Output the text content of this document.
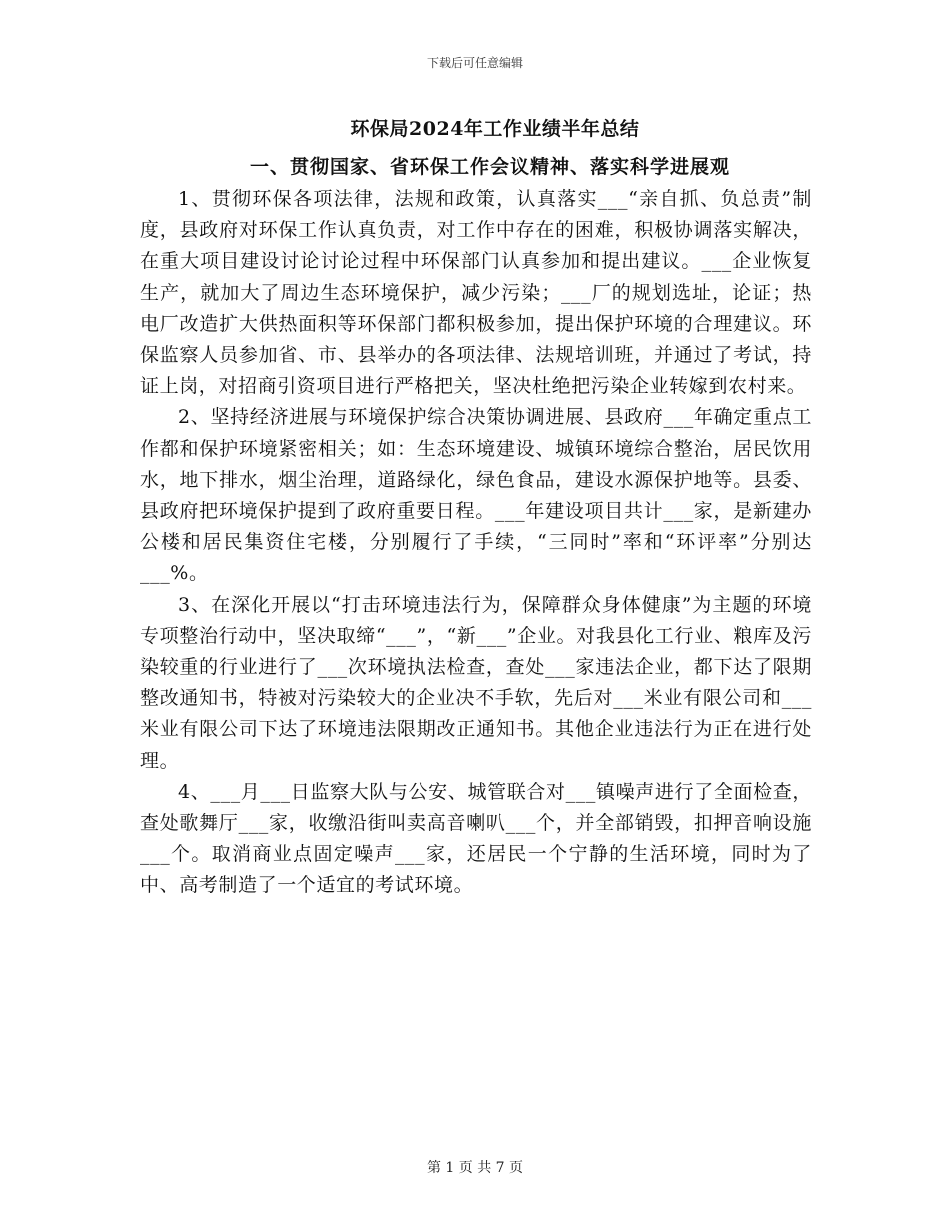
下载后可任意编辑
环保局2024年工作业绩半年总结
一、贯彻国家、省环保工作会议精神、落实科学进展观

1、贯彻环保各项法律，法规和政策，认真落实___“亲自抓、负总责”制度，县政府对环保工作认真负责，对工作中存在的困难，积极协调落实解决，在重大项目建设讨论讨论过程中环保部门认真参加和提出建议。___企业恢复生产，就加大了周边生态环境保护，减少污染；___厂的规划选址，论证；热电厂改造扩大供热面积等环保部门都积极参加，提出保护环境的合理建议。环保监察人员参加省、市、县举办的各项法律、法规培训班，并通过了考试，持证上岗，对招商引资项目进行严格把关，坚决杜绝把污染企业转嫁到农村来。

2、坚持经济进展与环境保护综合决策协调进展、县政府___年确定重点工作都和保护环境紧密相关；如：生态环境建设、城镇环境综合整治，居民饮用水，地下排水，烟尘治理，道路绿化，绿色食品，建设水源保护地等。县委、县政府把环境保护提到了政府重要日程。___年建设项目共计___家，是新建办公楼和居民集资住宅楼，分别履行了手续，“三同时”率和“环评率”分别达___%。

3、在深化开展以“打击环境违法行为，保障群众身体健康”为主题的环境专项整治行动中，坚决取缔“___”，“新___”企业。对我县化工行业、粮库及污染较重的行业进行了___次环境执法检查，查处___家违法企业，都下达了限期整改通知书，特被对污染较大的企业决不手软，先后对___米业有限公司和___米业有限公司下达了环境违法限期改正通知书。其他企业违法行为正在进行处理。

4、___月___日监察大队与公安、城管联合对___镇噪声进行了全面检查，查处歌舞厅___家，收缴沿街叫卖高音喇叭___个，并全部销毁，扣押音响设施___个。取消商业点固定噪声___家，还居民一个宁静的生活环境，同时为了中、高考制造了一个适宜的考试环境。

第 1 页 共 7 页
